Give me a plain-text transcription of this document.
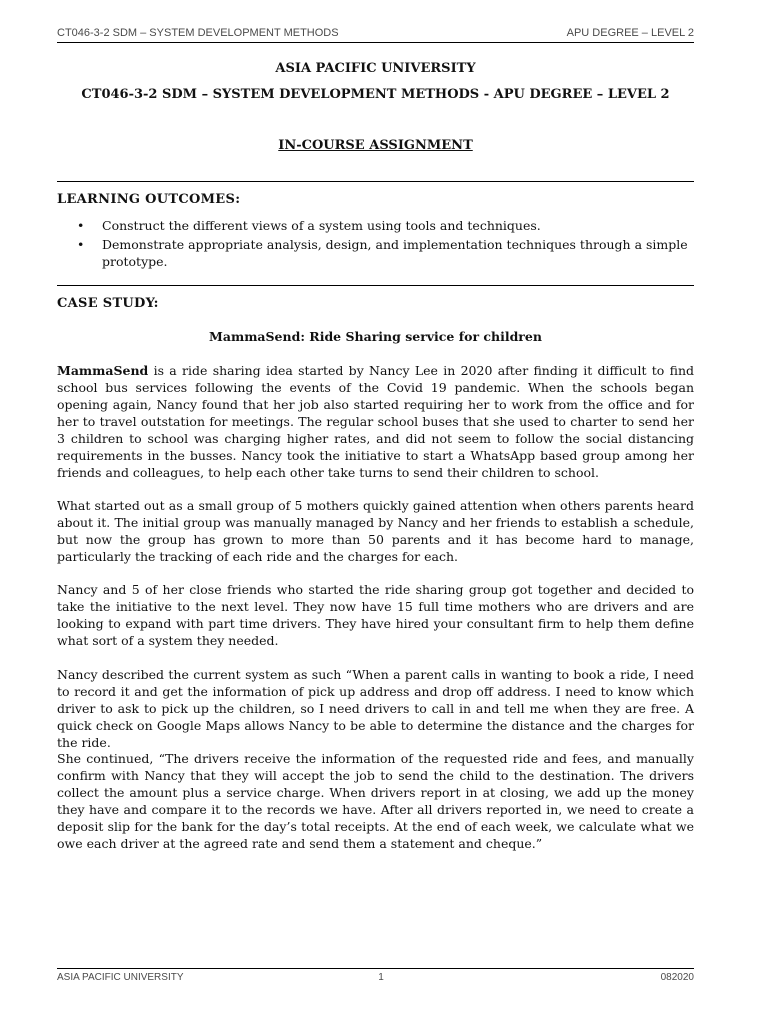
CT046-3-2 SDM – SYSTEM DEVELOPMENT METHODS	APU DEGREE – LEVEL 2
ASIA PACIFIC UNIVERSITY
CT046-3-2 SDM – SYSTEM DEVELOPMENT METHODS - APU DEGREE – LEVEL 2
IN-COURSE ASSIGNMENT
LEARNING OUTCOMES:
• Construct the different views of a system using tools and techniques.
• Demonstrate appropriate analysis, design, and implementation techniques through a simple prototype.
CASE STUDY:
MammaSend: Ride Sharing service for children

MammaSend is a ride sharing idea started by Nancy Lee in 2020 after finding it difficult to find school bus services following the events of the Covid 19 pandemic. When the schools began opening again, Nancy found that her job also started requiring her to work from the office and for her to travel outstation for meetings. The regular school buses that she used to charter to send her 3 children to school was charging higher rates, and did not seem to follow the social distancing requirements in the busses. Nancy took the initiative to start a WhatsApp based group among her friends and colleagues, to help each other take turns to send their children to school.

What started out as a small group of 5 mothers quickly gained attention when others parents heard about it. The initial group was manually managed by Nancy and her friends to establish a schedule, but now the group has grown to more than 50 parents and it has become hard to manage, particularly the tracking of each ride and the charges for each.

Nancy and 5 of her close friends who started the ride sharing group got together and decided to take the initiative to the next level. They now have 15 full time mothers who are drivers and are looking to expand with part time drivers. They have hired your consultant firm to help them define what sort of a system they needed.

Nancy described the current system as such “When a parent calls in wanting to book a ride, I need to record it and get the information of pick up address and drop off address. I need to know which driver to ask to pick up the children, so I need drivers to call in and tell me when they are free. A quick check on Google Maps allows Nancy to be able to determine the distance and the charges for the ride.

She continued, “The drivers receive the information of the requested ride and fees, and manually confirm with Nancy that they will accept the job to send the child to the destination. The drivers collect the amount plus a service charge. When drivers report in at closing, we add up the money they have and compare it to the records we have. After all drivers reported in, we need to create a deposit slip for the bank for the day’s total receipts. At the end of each week, we calculate what we owe each driver at the agreed rate and send them a statement and cheque.”

ASIA PACIFIC UNIVERSITY	1	082020
